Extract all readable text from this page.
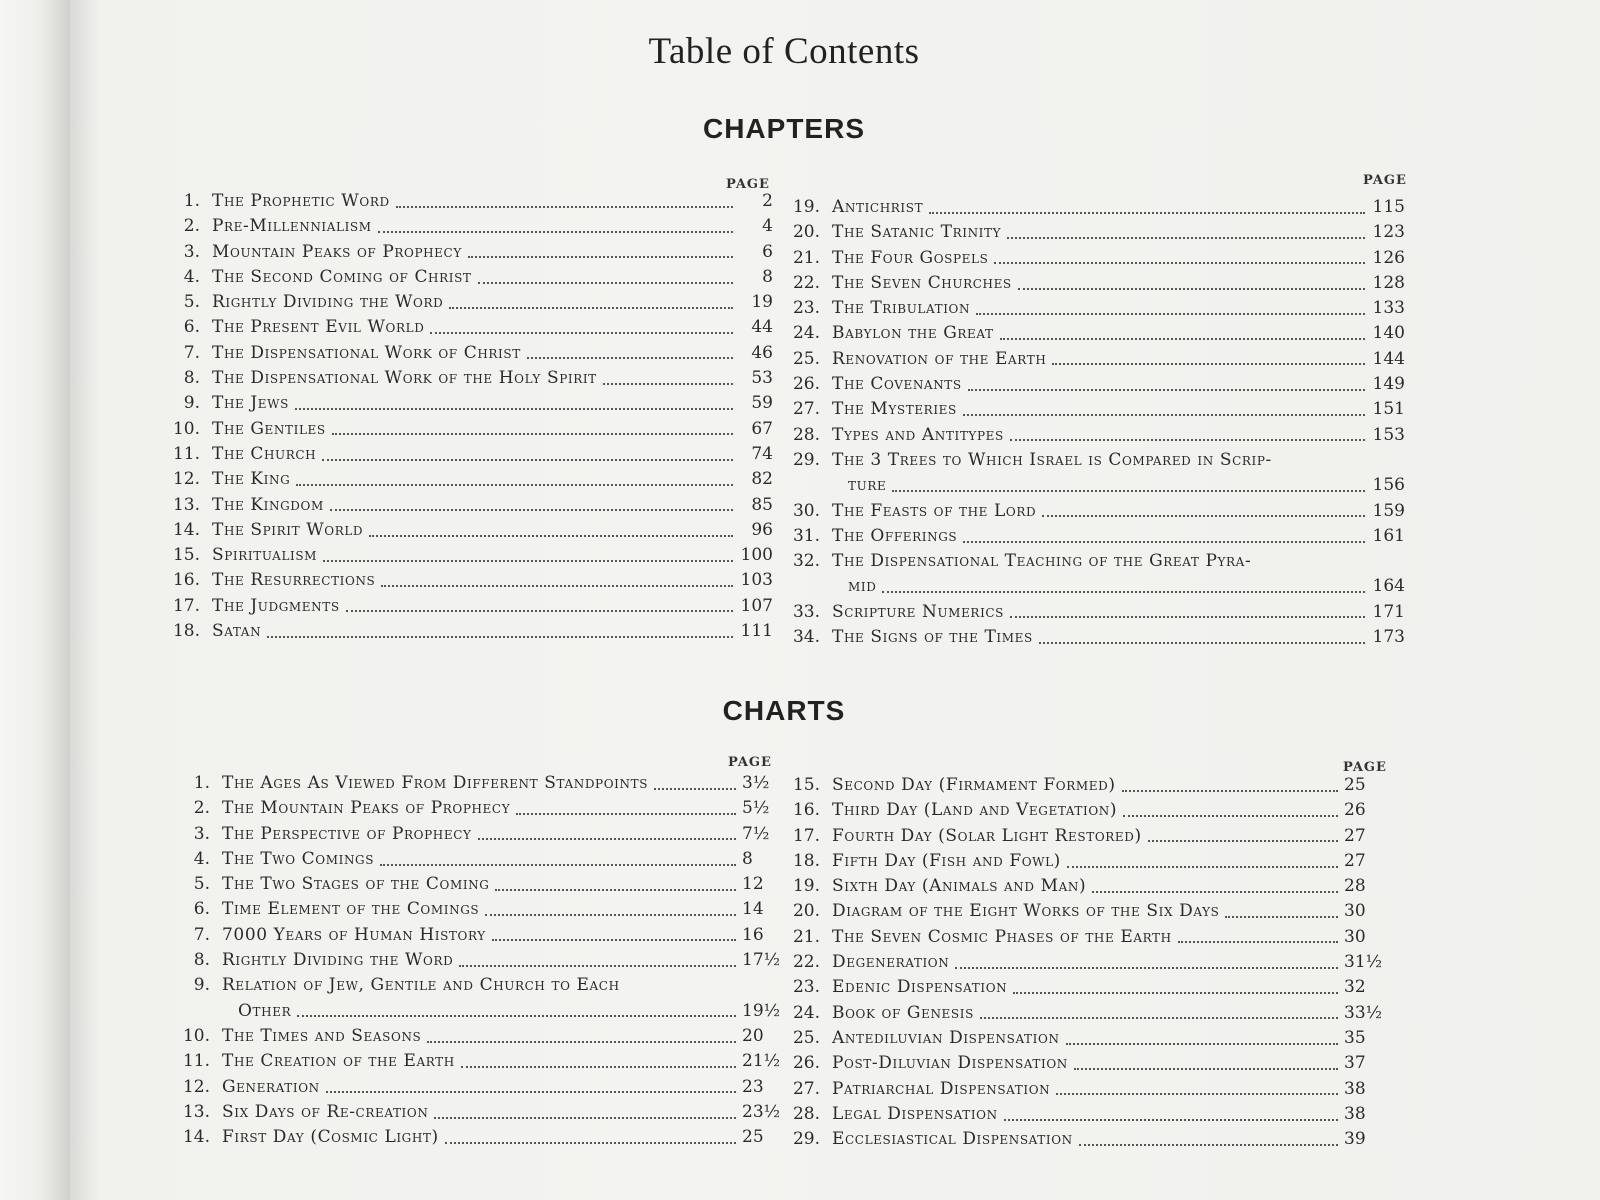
Table of Contents
CHAPTERS
PAGE	PAGE
1. The Prophetic Word	2
2. Pre-Millennialism	4
3. Mountain Peaks of Prophecy	6
4. The Second Coming of Christ	8
5. Rightly Dividing the Word	19
6. The Present Evil World	44
7. The Dispensational Work of Christ	46
8. The Dispensational Work of the Holy Spirit	53
9. The Jews	59
10. The Gentiles	67
11. The Church	74
12. The King	82
13. The Kingdom	85
14. The Spirit World	96
15. Spiritualism	100
16. The Resurrections	103
17. The Judgments	107
18. Satan	111
19. Antichrist	115
20. The Satanic Trinity	123
21. The Four Gospels	126
22. The Seven Churches	128
23. The Tribulation	133
24. Babylon the Great	140
25. Renovation of the Earth	144
26. The Covenants	149
27. The Mysteries	151
28. Types and Antitypes	153
29. The 3 Trees to Which Israel is Compared in Scrip-
ture	156
30. The Feasts of the Lord	159
31. The Offerings	161
32. The Dispensational Teaching of the Great Pyra-
mid	164
33. Scripture Numerics	171
34. The Signs of the Times	173
CHARTS
PAGE	PAGE
1. The Ages As Viewed From Different Standpoints	3½
2. The Mountain Peaks of Prophecy	5½
3. The Perspective of Prophecy	7½
4. The Two Comings	8
5. The Two Stages of the Coming	12
6. Time Element of the Comings	14
7. 7000 Years of Human History	16
8. Rightly Dividing the Word	17½
9. Relation of Jew, Gentile and Church to Each
Other	19½
10. The Times and Seasons	20
11. The Creation of the Earth	21½
12. Generation	23
13. Six Days of Re-creation	23½
14. First Day (Cosmic Light)	25
15. Second Day (Firmament Formed)	25
16. Third Day (Land and Vegetation)	26
17. Fourth Day (Solar Light Restored)	27
18. Fifth Day (Fish and Fowl)	27
19. Sixth Day (Animals and Man)	28
20. Diagram of the Eight Works of the Six Days	30
21. The Seven Cosmic Phases of the Earth	30
22. Degeneration	31½
23. Edenic Dispensation	32
24. Book of Genesis	33½
25. Antediluvian Dispensation	35
26. Post-Diluvian Dispensation	37
27. Patriarchal Dispensation	38
28. Legal Dispensation	38
29. Ecclesiastical Dispensation	39
